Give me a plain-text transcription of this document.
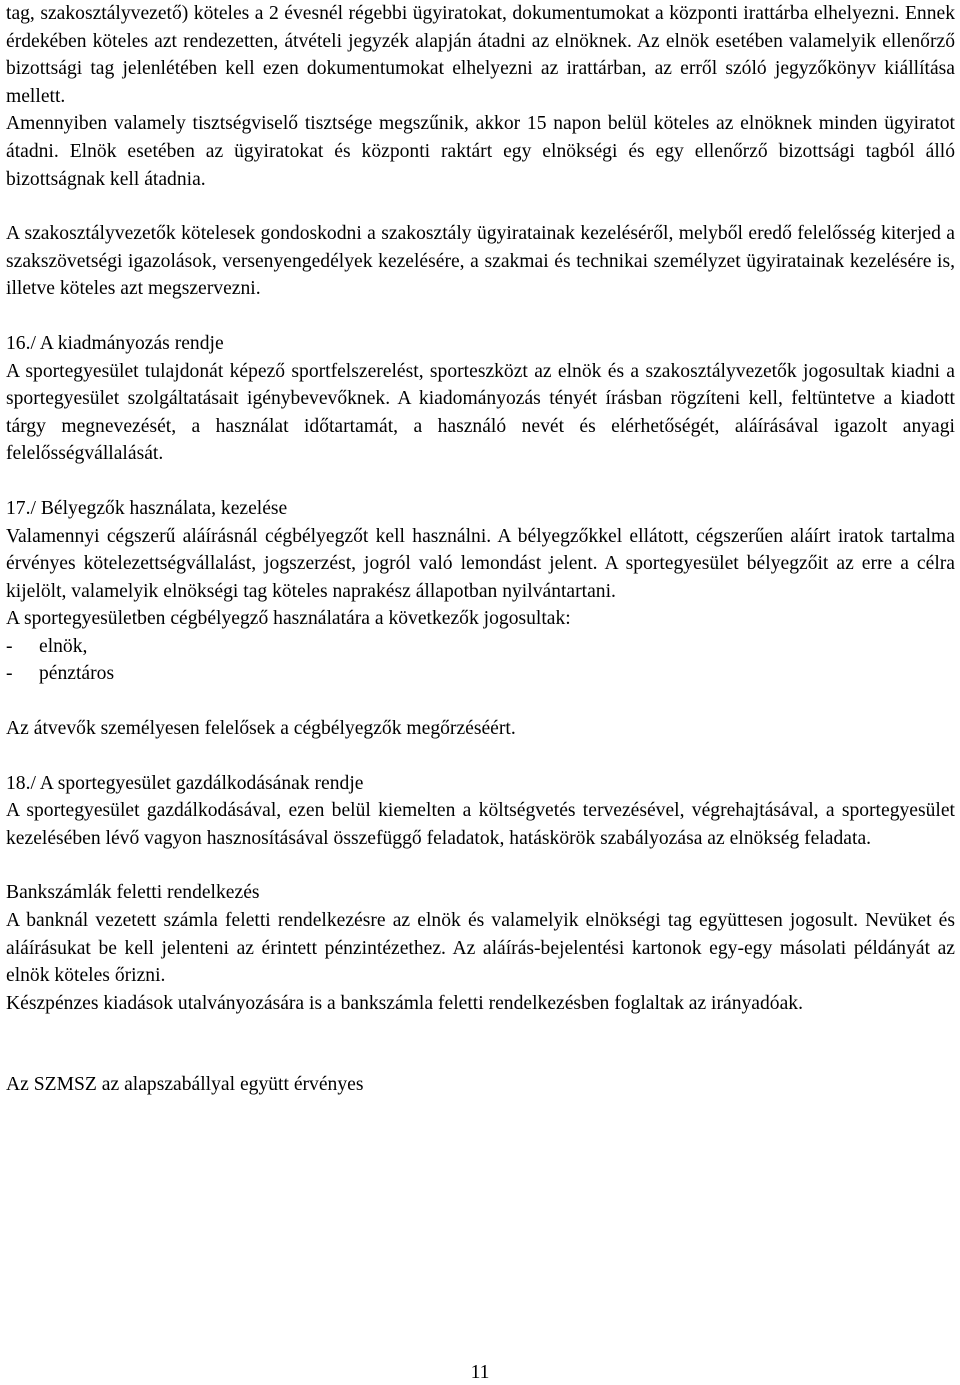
tag, szakosztályvezető) köteles a 2 évesnél régebbi ügyiratokat, dokumentumokat a központi irattárba elhelyezni. Ennek érdekében köteles azt rendezetten, átvételi jegyzék alapján átadni az elnöknek. Az elnök esetében valamelyik ellenőrző bizottsági tag jelenlétében kell ezen dokumentumokat elhelyezni az irattárban, az erről szóló jegyzőkönyv kiállítása mellett.

Amennyiben valamely tisztségviselő tisztsége megszűnik, akkor 15 napon belül köteles az elnöknek minden ügyiratot átadni. Elnök esetében az ügyiratokat és központi raktárt egy elnökségi és egy ellenőrző bizottsági tagból álló bizottságnak kell átadnia.

A szakosztályvezetők kötelesek gondoskodni a szakosztály ügyiratainak kezeléséről, melyből eredő felelősség kiterjed a szakszövetségi igazolások, versenyengedélyek kezelésére, a szakmai és technikai személyzet ügyiratainak kezelésére is, illetve köteles azt megszervezni.

16./ A kiadmányozás rendje

A sportegyesület tulajdonát képező sportfelszerelést, sporteszközt az elnök és a szakosztályvezetők jogosultak kiadni a sportegyesület szolgáltatásait igénybevevőknek. A kiadományozás tényét írásban rögzíteni kell, feltüntetve a kiadott tárgy megnevezését, a használat időtartamát, a használó nevét és elérhetőségét, aláírásával igazolt anyagi felelősségvállalását.

17./ Bélyegzők használata, kezelése

Valamennyi cégszerű aláírásnál cégbélyegzőt kell használni. A bélyegzőkkel ellátott, cégszerűen aláírt iratok tartalma érvényes kötelezettségvállalást, jogszerzést, jogról való lemondást jelent. A sportegyesület bélyegzőit az erre a célra kijelölt, valamelyik elnökségi tag köteles naprakész állapotban nyilvántartani.

A sportegyesületben cégbélyegző használatára a következők jogosultak:

- elnök,

- pénztáros

Az átvevők személyesen felelősek a cégbélyegzők megőrzéséért.

18./ A sportegyesület gazdálkodásának rendje

A sportegyesület gazdálkodásával, ezen belül kiemelten a költségvetés tervezésével, végrehajtásával, a sportegyesület kezelésében lévő vagyon hasznosításával összefüggő feladatok, hatáskörök szabályozása az elnökség feladata.

Bankszámlák feletti rendelkezés

A banknál vezetett számla feletti rendelkezésre az elnök és valamelyik elnökségi tag együttesen jogosult. Nevüket és aláírásukat be kell jelenteni az érintett pénzintézethez. Az aláírás-bejelentési kartonok egy-egy másolati példányát az elnök köteles őrizni.

Készpénzes kiadások utalványozására is a bankszámla feletti rendelkezésben foglaltak az irányadóak.

Az SZMSZ az alapszabállyal együtt érvényes

11
